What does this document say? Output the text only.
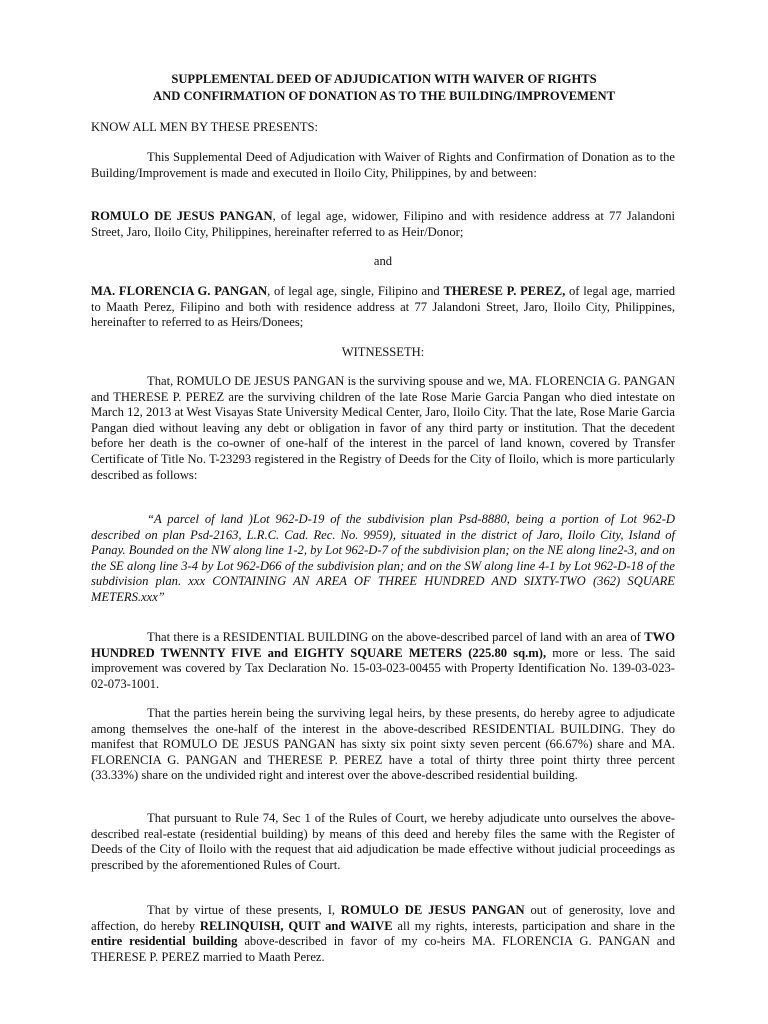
SUPPLEMENTAL DEED OF ADJUDICATION WITH WAIVER OF RIGHTS
AND CONFIRMATION OF DONATION AS TO THE BUILDING/IMPROVEMENT

KNOW ALL MEN BY THESE PRESENTS:

This Supplemental Deed of Adjudication with Waiver of Rights and Confirmation of Donation as to the Building/Improvement is made and executed in Iloilo City, Philippines, by and between:

ROMULO DE JESUS PANGAN, of legal age, widower, Filipino and with residence address at 77 Jalandoni Street, Jaro, Iloilo City, Philippines, hereinafter referred to as Heir/Donor;

and

MA. FLORENCIA G. PANGAN, of legal age, single, Filipino and THERESE P. PEREZ, of legal age, married to Maath Perez, Filipino and both with residence address at 77 Jalandoni Street, Jaro, Iloilo City, Philippines, hereinafter to referred to as Heirs/Donees;

WITNESSETH:

That, ROMULO DE JESUS PANGAN is the surviving spouse and we, MA. FLORENCIA G. PANGAN and THERESE P. PEREZ are the surviving children of the late Rose Marie Garcia Pangan who died intestate on March 12, 2013 at West Visayas State University Medical Center, Jaro, Iloilo City. That the late, Rose Marie Garcia Pangan died without leaving any debt or obligation in favor of any third party or institution. That the decedent before her death is the co-owner of one-half of the interest in the parcel of land known, covered by Transfer Certificate of Title No. T-23293 registered in the Registry of Deeds for the City of Iloilo, which is more particularly described as follows:

“A parcel of land )Lot 962-D-19 of the subdivision plan Psd-8880, being a portion of Lot 962-D described on plan Psd-2163, L.R.C. Cad. Rec. No. 9959), situated in the district of Jaro, Iloilo City, Island of Panay. Bounded on the NW along line 1-2, by Lot 962-D-7 of the subdivision plan; on the NE along line2-3, and on the SE along line 3-4 by Lot 962-D66 of the subdivision plan; and on the SW along line 4-1 by Lot 962-D-18 of the subdivision plan. xxx CONTAINING AN AREA OF THREE HUNDRED AND SIXTY-TWO (362) SQUARE METERS.xxx”

That there is a RESIDENTIAL BUILDING on the above-described parcel of land with an area of TWO HUNDRED TWENNTY FIVE and EIGHTY SQUARE METERS (225.80 sq.m), more or less. The said improvement was covered by Tax Declaration No. 15-03-023-00455 with Property Identification No. 139-03-023-02-073-1001.

That the parties herein being the surviving legal heirs, by these presents, do hereby agree to adjudicate among themselves the one-half of the interest in the above-described RESIDENTIAL BUILDING. They do manifest that ROMULO DE JESUS PANGAN has sixty six point sixty seven percent (66.67%) share and MA. FLORENCIA G. PANGAN and THERESE P. PEREZ have a total of thirty three point thirty three percent (33.33%) share on the undivided right and interest over the above-described residential building.

That pursuant to Rule 74, Sec 1 of the Rules of Court, we hereby adjudicate unto ourselves the above-described real-estate (residential building) by means of this deed and hereby files the same with the Register of Deeds of the City of Iloilo with the request that aid adjudication be made effective without judicial proceedings as prescribed by the aforementioned Rules of Court.

That by virtue of these presents, I, ROMULO DE JESUS PANGAN out of generosity, love and affection, do hereby RELINQUISH, QUIT and WAIVE all my rights, interests, participation and share in the entire residential building above-described in favor of my co-heirs MA. FLORENCIA G. PANGAN and THERESE P. PEREZ married to Maath Perez.
